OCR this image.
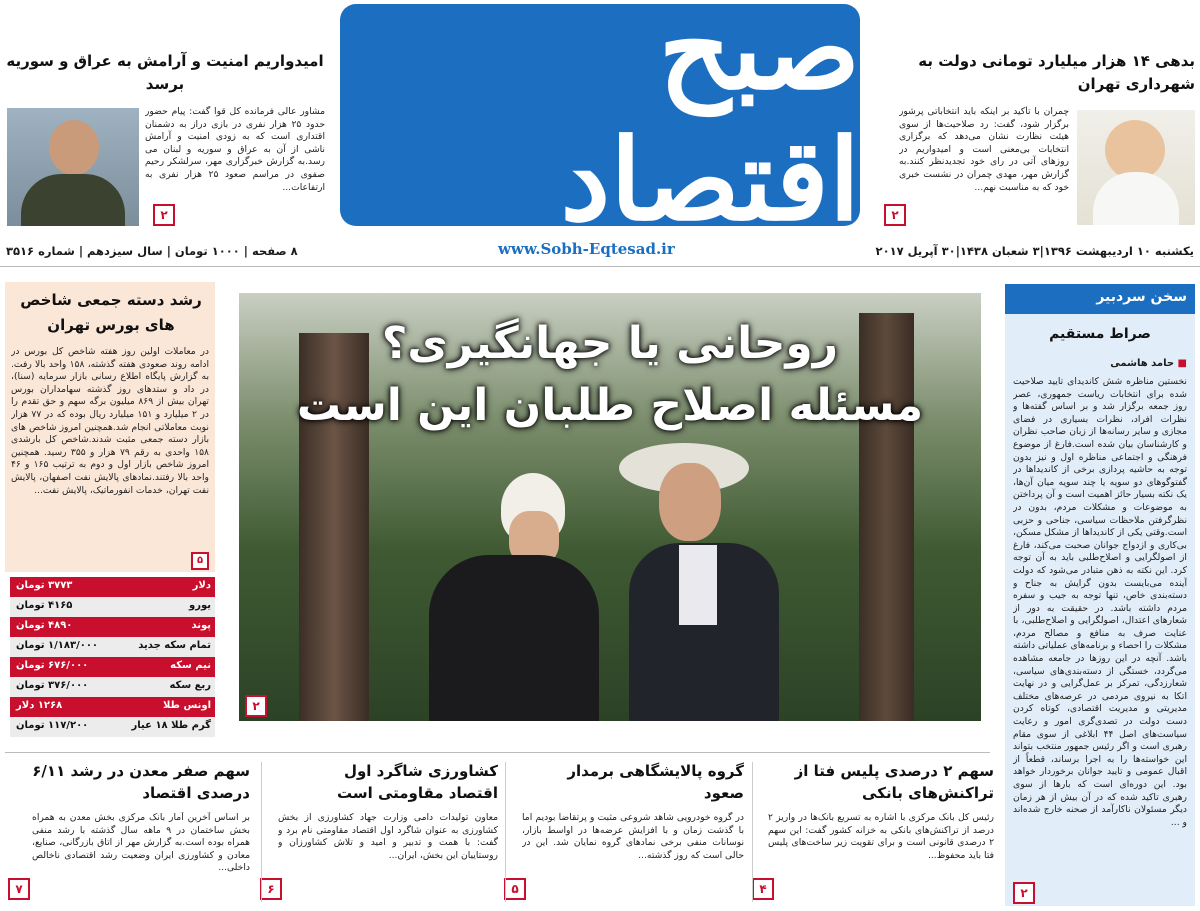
صبح اقتصاد
بدهی ۱۴ هزار میلیارد تومانی دولت به شهرداری تهران
چمران با تأکید بر اینکه باید انتخاباتی پرشور برگزار شود، گفت: رد صلاحیت‌ها از سوی هیئت نظارت نشان می‌دهد که برگزاری انتخابات بی‌معنی است و امیدواریم در روزهای آتی در رای خود تجدیدنظر کنند.به گزارش مهر، مهدی چمران در نشست خبری خود که به مناسبت نهم...
۲
امیدواریم امنیت و آرامش به عراق و سوریه برسد
مشاور عالی فرمانده کل قوا گفت: پیام حضور حدود ۲۵ هزار نفری در بازی دراز به دشمنان اقتداری است که به زودی امنیت و آرامش ناشی از آن به عراق و سوریه و لبنان می رسد.به گزارش خبرگزاری مهر، سرلشکر رحیم صفوی در مراسم صعود ۲۵ هزار نفری به ارتفاعات...
۲
یکشنبه ۱۰ اردیبهشت ۱۳۹۶|۳ شعبان ۱۴۳۸|۳۰ آپریل ۲۰۱۷
www.Sobh-Eqtesad.ir
۸ صفحه | ۱۰۰۰ تومان | سال سیزدهم | شماره ۳۵۱۶
رشد دسته جمعی شاخص های بورس تهران
در معاملات اولین روز هفته شاخص کل بورس در ادامه روند صعودی هفته گذشته، ۱۵۸ واحد بالا رفت. به گزارش پایگاه اطلاع رسانی بازار سرمایه (سنا)، در داد و ستدهای روز گذشته سهامداران بورس تهران بیش از ۸۶۹ میلیون برگه سهم و حق تقدم را در ۲ میلیارد و ۱۵۱ میلیارد ریال بوده که در ۷۷ هزار نوبت معاملاتی انجام شد.همچنین امروز شاخص های بازار دسته جمعی مثبت شدند.شاخص کل بارشدی ۱۵۸ واحدی به رقم ۷۹ هزار و ۳۵۵ رسید. همچنین امروز شاخص بازار اول و دوم به ترتیب ۱۶۵ و ۴۶ واحد بالا رفتند.نمادهای پالایش نفت اصفهان، پالایش نفت تهران، خدمات انفورماتیک، پالایش نفت...
۵
دلار
۳۷۷۳ تومان
یورو
۴۱۶۵ تومان
پوند
۴۸۹۰ تومان
تمام سکه جدید
۱/۱۸۳/۰۰۰ تومان
نیم سکه
۶۷۶/۰۰۰ تومان
ربع سکه
۳۷۶/۰۰۰ تومان
اونس طلا
۱۲۶۸ دلار
گرم طلا ۱۸ عیار
۱۱۷/۲۰۰ تومان
روحانی یا جهانگیری؟
مسئله اصلاح طلبان این است
۲
سخن سردبیر
صراط مستقیم
■ حامد هاشمی
نخستین مناظره شش کاندیدای تایید صلاحیت شده برای انتخابات ریاست جمهوری، عصر روز جمعه برگزار شد و بر اساس گفته‌ها و نظرات افراد، نظرات بسیاری در فضای مجازی و سایر رسانه‌ها از زبان صاحب نظران و کارشناسان بیان شده است.فارغ از موضوع فرهنگی و اجتماعی مناظره اول و نیز بدون توجه به حاشیه پردازی برخی از کاندیداها در گفتوگوهای دو سویه یا چند سویه میان آن‌ها، یک نکته بسیار حائز اهمیت است و آن پرداختن به موضوعات و مشکلات مردم، بدون در نظرگرفتن ملاحظات سیاسی، جناحی و حزبی است.وقتی یکی از کاندیداها از مشکل مسکن، بی‌کاری و ازدواج جوانان صحبت می‌کند، فارغ از اصولگرایی و اصلاح‌طلبی باید به آن توجه کرد. این نکته به ذهن متبادر می‌شود که دولت آینده می‌بایست بدون گرایش به جناح و دسته‌بندی خاص، تنها توجه به جیب و سفره مردم داشته باشد. در حقیقت به دور از شعارهای اعتدال، اصولگرایی و اصلاح‌طلبی، با عنایت صرف به منافع و مصالح مردم، مشکلات را احصاء و برنامه‌های عملیاتی داشته باشد. آنچه در این روزها در جامعه مشاهده می‌گردد، خستگی از دسته‌بندی‌های سیاسی، شعارزدگی، تمرکز بر عمل‌گرایی و در نهایت اتکا به نیروی مردمی در عرصه‌های مختلف مدیریتی و مدیریت اقتصادی، کوتاه کردن دست دولت در تصدی‌گری امور و رعایت سیاست‌های اصل ۴۴ ابلاغی از سوی مقام رهبری است و اگر رئیس جمهور منتخب بتواند این خواسته‌ها را به اجرا برساند، قطعاً از اقبال عمومی و تایید جوانان برخوردار خواهد بود. این دوره‌ای است که بارها از سوی رهبری تاکید شده که در آن بیش از هر زمان دیگر مسئولان ناکارآمد از صحنه خارج شده‌اند و ...
۲
سهم ۲ درصدی پلیس فتا از تراکنش‌های بانکی
رئیس کل بانک مرکزی با اشاره به تسریع بانک‌ها در واریز ۲ درصد از تراکنش‌های بانکی به خزانه کشور گفت: این سهم ۲ درصدی قانونی است و برای تقویت زیر ساخت‌های پلیس فتا باید محفوظ...
۴
گروه پالایشگاهی برمدار صعود
در گروه خودرویی شاهد شروعی مثبت و پرتقاضا بودیم اما با گذشت زمان و با افزایش عرضه‌ها در اواسط بازار، نوسانات منفی برخی نمادهای گروه نمایان شد. این در حالی است که روز گذشته...
۵
کشاورزی شاگرد اول اقتصاد مقاومتی است
معاون تولیدات دامی وزارت جهاد کشاورزی از بخش کشاورزی به عنوان شاگرد اول اقتصاد مقاومتی نام برد و گفت: با همت و تدبیر و امید و تلاش کشاورزان و روستاییان این بخش، ایران...
۶
سهم صفر معدن در رشد ۶/۱۱ درصدی اقتصاد
بر اساس آخرین آمار بانک مرکزی بخش معدن به همراه بخش ساختمان در ۹ ماهه سال گذشته با رشد منفی همراه بوده است.به گزارش مهر از اتاق بازرگانی، صنایع، معادن و کشاورزی ایران وضعیت رشد اقتصادی ناخالص داخلی...
۷
